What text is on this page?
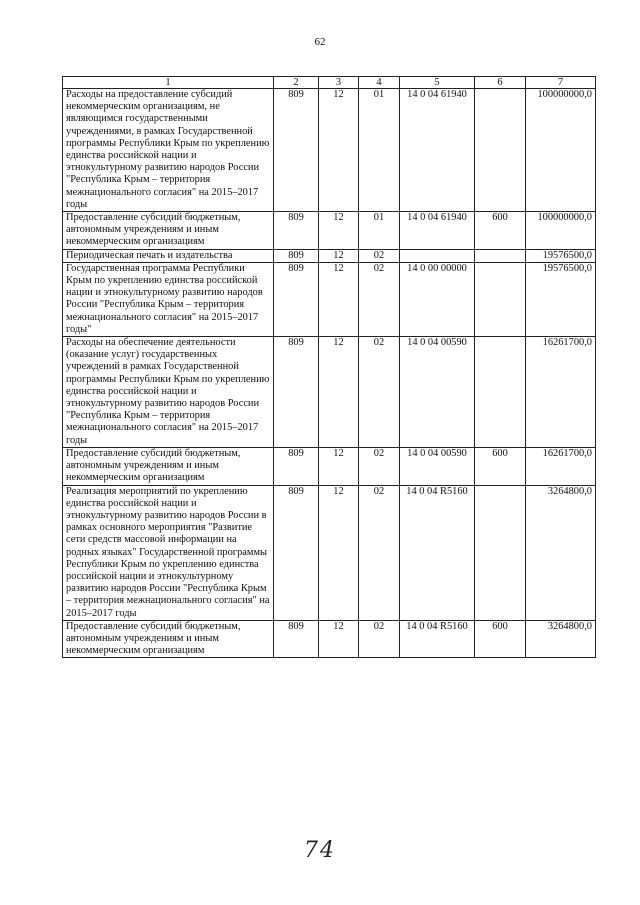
62
1	2	3	4	5	6	7
Расходы на предоставление субсидий некоммерческим организациям, не являющимся государственными учреждениями, в рамках Государственной программы Республики Крым по укреплению единства российской нации и этнокультурному развитию народов России "Республика Крым – территория межнационального согласия" на 2015–2017 годы	809	12	01	14 0 04 61940		100000000,0
Предоставление субсидий бюджетным, автономным учреждениям и иным некоммерческим организациям	809	12	01	14 0 04 61940	600	100000000,0
Периодическая печать и издательства	809	12	02			19576500,0
Государственная программа Республики Крым по укреплению единства российской нации и этнокультурному развитию народов России "Республика Крым – территория межнационального согласия" на 2015–2017 годы"	809	12	02	14 0 00 00000		19576500,0
Расходы на обеспечение деятельности (оказание услуг) государственных учреждений в рамках Государственной программы Республики Крым по укреплению единства российской нации и этнокультурному развитию народов России "Республика Крым – территория межнационального согласия" на 2015–2017 годы	809	12	02	14 0 04 00590		16261700,0
Предоставление субсидий бюджетным, автономным учреждениям и иным некоммерческим организациям	809	12	02	14 0 04 00590	600	16261700,0
Реализация мероприятий по укреплению единства российской нации и этнокультурному развитию народов России в рамках основного мероприятия "Развитие сети средств массовой информации на родных языках" Государственной программы Республики Крым по укреплению единства российской нации и этнокультурному развитию народов России "Республика Крым – территория межнационального согласия" на 2015–2017 годы	809	12	02	14 0 04 R5160		3264800,0
Предоставление субсидий бюджетным, автономным учреждениям и иным некоммерческим организациям	809	12	02	14 0 04 R5160	600	3264800,0
74
